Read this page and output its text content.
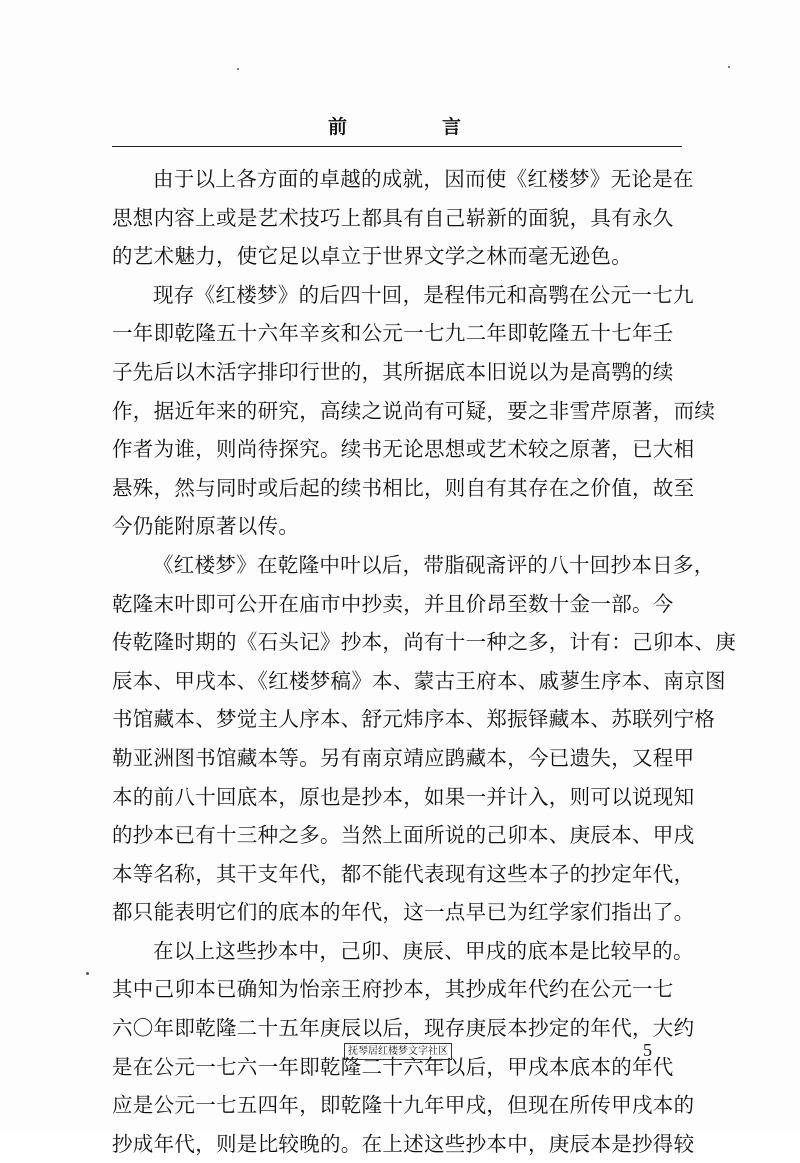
前	言
由于以上各方面的卓越的成就，因而使《红楼梦》无论是在
思想内容上或是艺术技巧上都具有自己崭新的面貌，具有永久
的艺术魅力，使它足以卓立于世界文学之林而毫无逊色。
现存《红楼梦》的后四十回，是程伟元和高鹗在公元一七九
一年即乾隆五十六年辛亥和公元一七九二年即乾隆五十七年壬
子先后以木活字排印行世的，其所据底本旧说以为是高鹗的续
作，据近年来的研究，高续之说尚有可疑，要之非雪芹原著，而续
作者为谁，则尚待探究。续书无论思想或艺术较之原著，已大相
悬殊，然与同时或后起的续书相比，则自有其存在之价值，故至
今仍能附原著以传。
《红楼梦》在乾隆中叶以后，带脂砚斋评的八十回抄本日多，
乾隆末叶即可公开在庙市中抄卖，并且价昂至数十金一部。今
传乾隆时期的《石头记》抄本，尚有十一种之多，计有：己卯本、庚
辰本、甲戌本、《红楼梦稿》本、蒙古王府本、戚蓼生序本、南京图
书馆藏本、梦觉主人序本、舒元炜序本、郑振铎藏本、苏联列宁格
勒亚洲图书馆藏本等。另有南京靖应鹍藏本，今已遗失，又程甲
本的前八十回底本，原也是抄本，如果一并计入，则可以说现知
的抄本已有十三种之多。当然上面所说的己卯本、庚辰本、甲戌
本等名称，其干支年代，都不能代表现有这些本子的抄定年代，
都只能表明它们的底本的年代，这一点早已为红学家们指出了。
在以上这些抄本中，己卯、庚辰、甲戌的底本是比较早的。
其中己卯本已确知为怡亲王府抄本，其抄成年代约在公元一七
六〇年即乾隆二十五年庚辰以后，现存庚辰本抄定的年代，大约
是在公元一七六一年即乾隆二十六年以后，甲戌本底本的年代
应是公元一七五四年，即乾隆十九年甲戌，但现在所传甲戌本的
抄成年代，则是比较晚的。在上述这些抄本中，庚辰本是抄得较
抚琴居红楼梦文字社区	5
